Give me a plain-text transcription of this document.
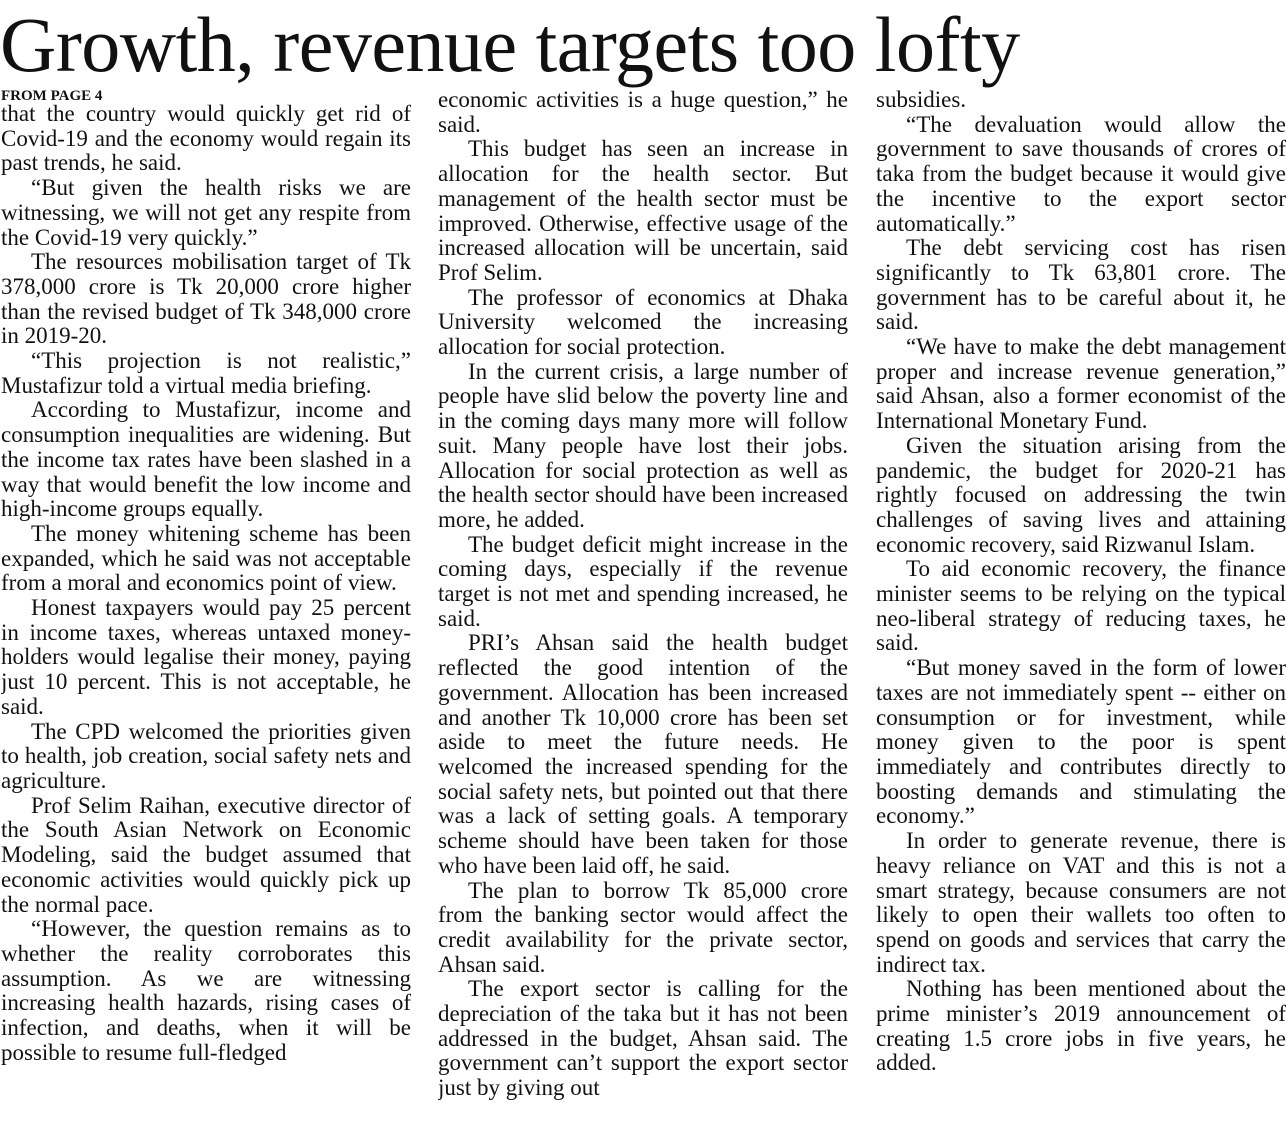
Growth, revenue targets too lofty
FROM PAGE 4

that the country would quickly get rid of Covid-19 and the economy would regain its past trends, he said.

“But given the health risks we are witnessing, we will not get any respite from the Covid-19 very quickly.”

The resources mobilisation target of Tk 378,000 crore is Tk 20,000 crore higher than the revised budget of Tk 348,000 crore in 2019-20.

“This projection is not realistic,” Mustafizur told a virtual media briefing.

According to Mustafizur, income and consumption inequalities are widening. But the income tax rates have been slashed in a way that would benefit the low income and high-income groups equally.

The money whitening scheme has been expanded, which he said was not acceptable from a moral and economics point of view.

Honest taxpayers would pay 25 percent in income taxes, whereas untaxed money-holders would legalise their money, paying just 10 percent. This is not acceptable, he said.

The CPD welcomed the priorities given to health, job creation, social safety nets and agriculture.

Prof Selim Raihan, executive director of the South Asian Network on Economic Modeling, said the budget assumed that economic activities would quickly pick up the normal pace.

“However, the question remains as to whether the reality corroborates this assumption. As we are witnessing increasing health hazards, rising cases of infection, and deaths, when it will be possible to resume full-fledged

economic activities is a huge question,” he said.

This budget has seen an increase in allocation for the health sector. But management of the health sector must be improved. Otherwise, effective usage of the increased allocation will be uncertain, said Prof Selim.

The professor of economics at Dhaka University welcomed the increasing allocation for social protection.

In the current crisis, a large number of people have slid below the poverty line and in the coming days many more will follow suit. Many people have lost their jobs. Allocation for social protection as well as the health sector should have been increased more, he added.

The budget deficit might increase in the coming days, especially if the revenue target is not met and spending increased, he said.

PRI’s Ahsan said the health budget reflected the good intention of the government. Allocation has been increased and another Tk 10,000 crore has been set aside to meet the future needs. He welcomed the increased spending for the social safety nets, but pointed out that there was a lack of setting goals. A temporary scheme should have been taken for those who have been laid off, he said.

The plan to borrow Tk 85,000 crore from the banking sector would affect the credit availability for the private sector, Ahsan said.

The export sector is calling for the depreciation of the taka but it has not been addressed in the budget, Ahsan said. The government can’t support the export sector just by giving out

subsidies.

“The devaluation would allow the government to save thousands of crores of taka from the budget because it would give the incentive to the export sector automatically.”

The debt servicing cost has risen significantly to Tk 63,801 crore. The government has to be careful about it, he said.

“We have to make the debt management proper and increase revenue generation,” said Ahsan, also a former economist of the International Monetary Fund.

Given the situation arising from the pandemic, the budget for 2020-21 has rightly focused on addressing the twin challenges of saving lives and attaining economic recovery, said Rizwanul Islam.

To aid economic recovery, the finance minister seems to be relying on the typical neo-liberal strategy of reducing taxes, he said.

“But money saved in the form of lower taxes are not immediately spent -- either on consumption or for investment, while money given to the poor is spent immediately and contributes directly to boosting demands and stimulating the economy.”

In order to generate revenue, there is heavy reliance on VAT and this is not a smart strategy, because consumers are not likely to open their wallets too often to spend on goods and services that carry the indirect tax.

Nothing has been mentioned about the prime minister’s 2019 announcement of creating 1.5 crore jobs in five years, he added.
